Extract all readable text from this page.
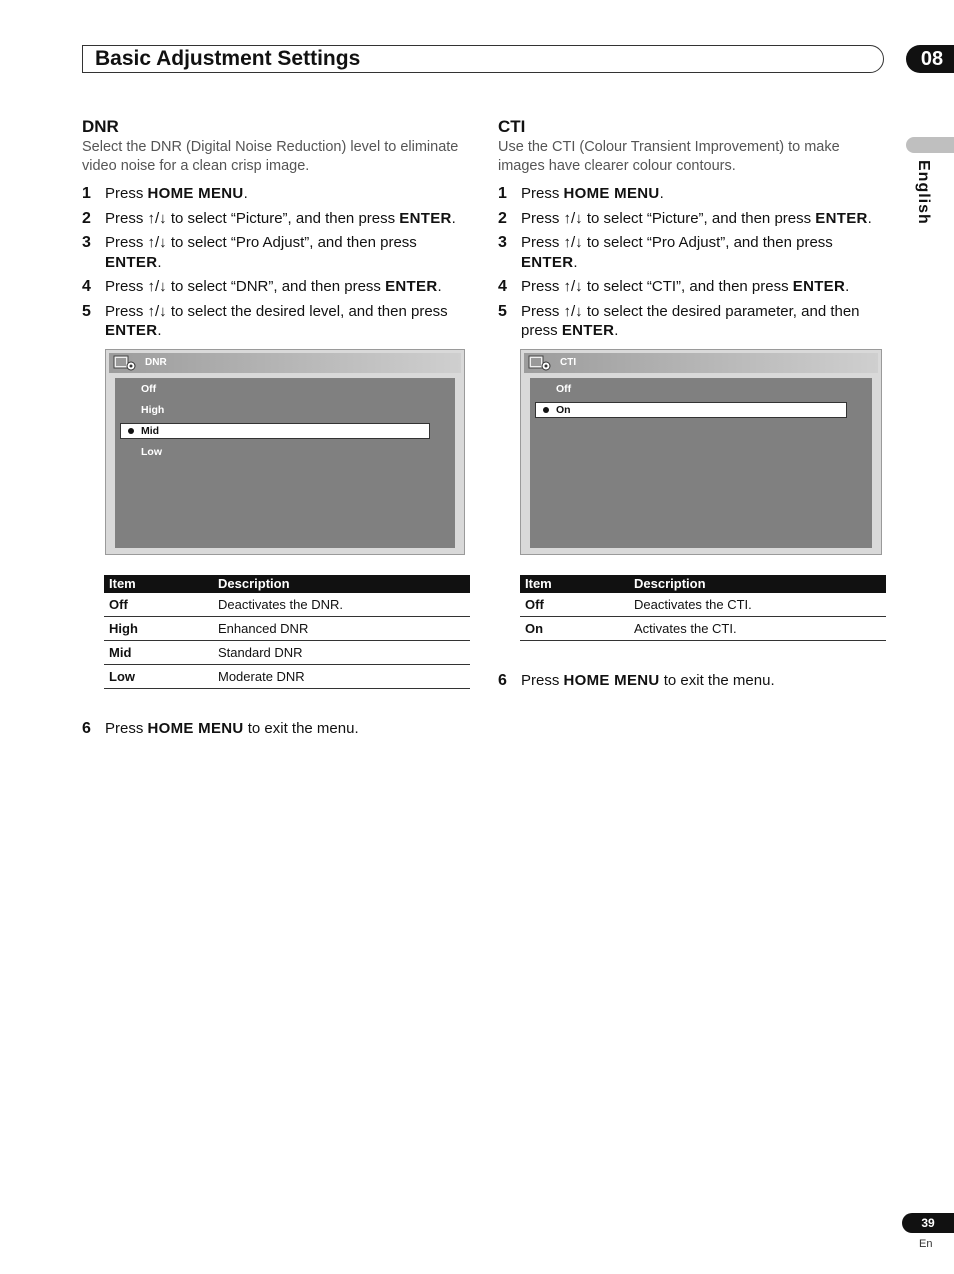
Basic Adjustment Settings	08
English

DNR

Select the DNR (Digital Noise Reduction) level to eliminate video noise for a clean crisp image.

1 Press HOME MENU.
2 Press ↑/↓ to select “Picture”, and then press ENTER.
3 Press ↑/↓ to select “Pro Adjust”, and then press ENTER.
4 Press ↑/↓ to select “DNR”, and then press ENTER.
5 Press ↑/↓ to select the desired level, and then press ENTER.
DNR
Off
High
Mid
Low
Item	Description
Off	Deactivates the DNR.
High	Enhanced DNR
Mid	Standard DNR
Low	Moderate DNR
6 Press HOME MENU to exit the menu.

CTI

Use the CTI (Colour Transient Improvement) to make images have clearer colour contours.

1 Press HOME MENU.
2 Press ↑/↓ to select “Picture”, and then press ENTER.
3 Press ↑/↓ to select “Pro Adjust”, and then press ENTER.
4 Press ↑/↓ to select “CTI”, and then press ENTER.
5 Press ↑/↓ to select the desired parameter, and then press ENTER.
CTI
Off
On
Item	Description
Off	Deactivates the CTI.
On	Activates the CTI.
6 Press HOME MENU to exit the menu.
39
En
